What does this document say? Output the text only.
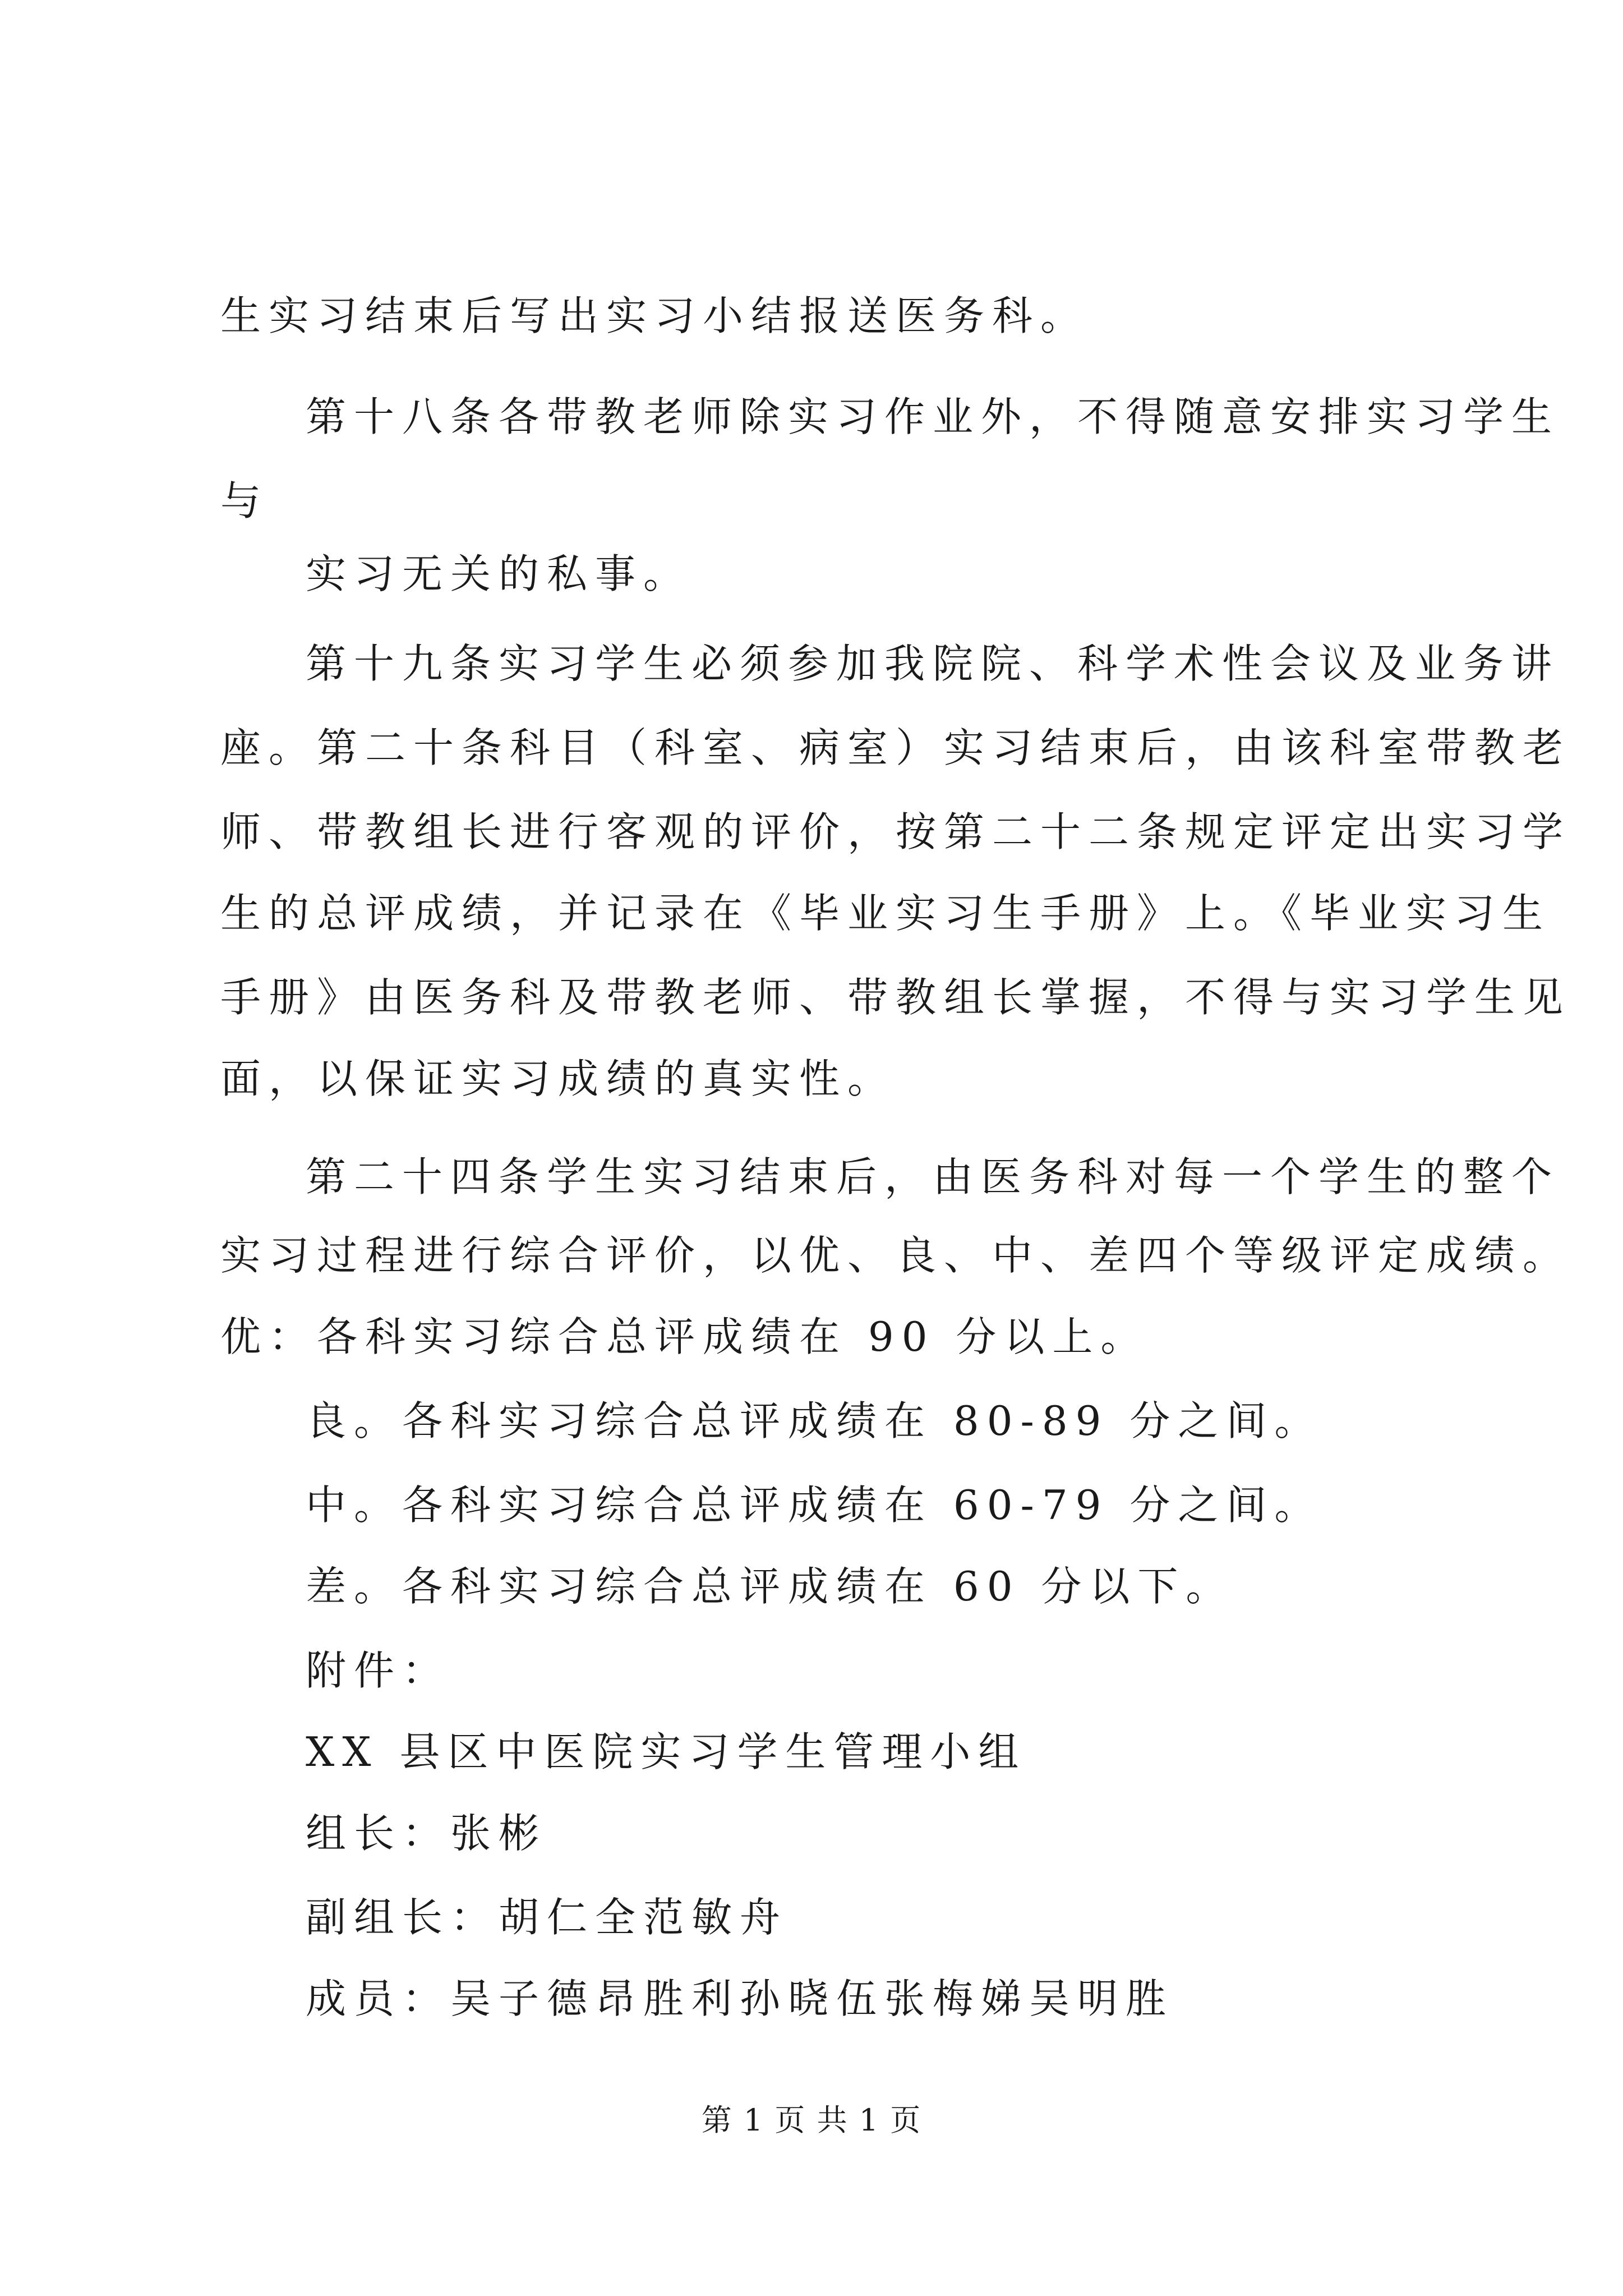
生实习结束后写出实习小结报送医务科。
第十八条各带教老师除实习作业外，不得随意安排实习学生
与
实习无关的私事。
第十九条实习学生必须参加我院院、科学术性会议及业务讲
座。第二十条科目（科室、病室）实习结束后，由该科室带教老
师、带教组长进行客观的评价，按第二十二条规定评定出实习学
生的总评成绩，并记录在《毕业实习生手册》上。《毕业实习生
手册》由医务科及带教老师、带教组长掌握，不得与实习学生见
面，以保证实习成绩的真实性。
第二十四条学生实习结束后，由医务科对每一个学生的整个
实习过程进行综合评价，以优、良、中、差四个等级评定成绩。
优：各科实习综合总评成绩在 90 分以上。
良。各科实习综合总评成绩在 80-89 分之间。
中。各科实习综合总评成绩在 60-79 分之间。
差。各科实习综合总评成绩在 60 分以下。
附件：
XX 县区中医院实习学生管理小组
组长：张彬
副组长：胡仁全范敏舟
成员：吴子德昂胜利孙晓伍张梅娣吴明胜
第 1 页 共 1 页
